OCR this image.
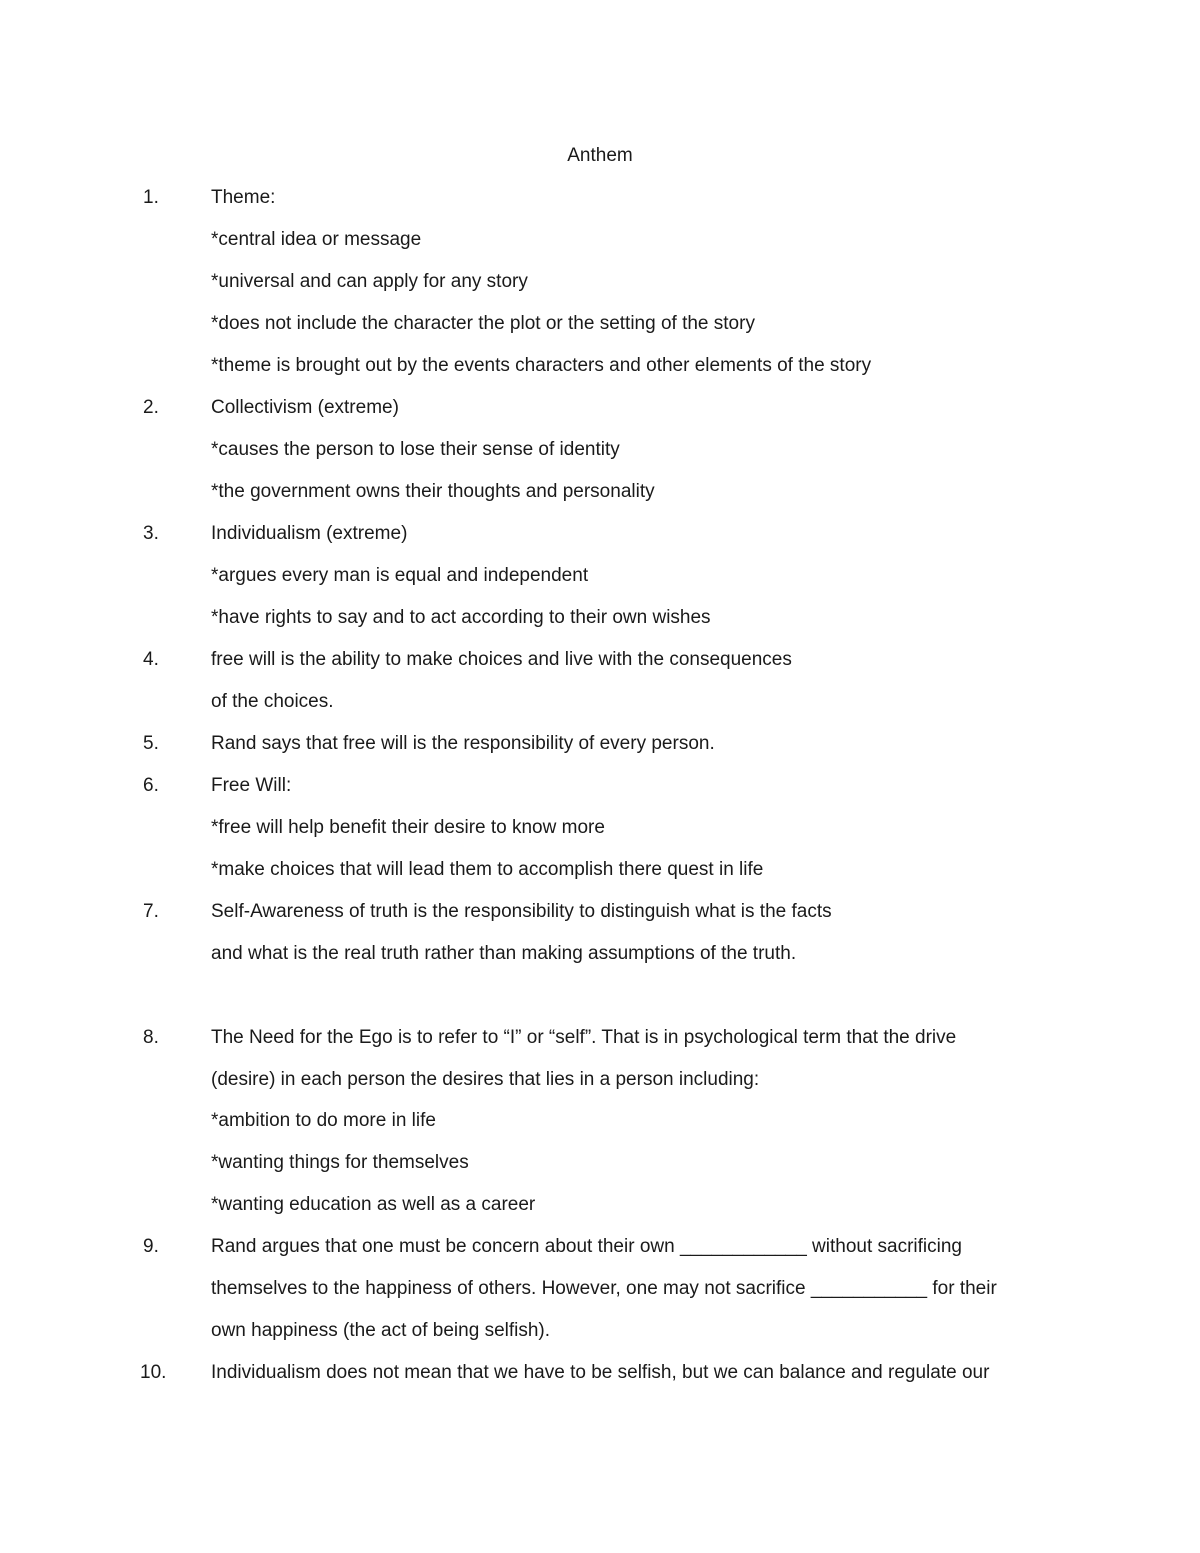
Anthem
1.	Theme:
*central idea or message
*universal and can apply for any story
*does not include the character the plot or the setting of the story
*theme is brought out by the events characters and other elements of the story
2.	Collectivism (extreme)
*causes the person to lose their sense of identity
*the government owns their thoughts and personality
3.	Individualism (extreme)
*argues every man is equal and independent
*have rights to say and to act according to their own wishes
4.	free will is the ability to make choices and live with the consequences
of the choices.
5.	Rand says that free will is the responsibility of every person.
6.	Free Will:
*free will help benefit their desire to know more
*make choices that will lead them to accomplish there quest in life
7.	Self-Awareness of truth is the responsibility to distinguish what is the facts
and what is the real truth rather than making assumptions of the truth.
8.	The Need for the Ego is to refer to “I” or “self”. That is in psychological term that the drive
(desire) in each person the desires that lies in a person including:
*ambition to do more in life
*wanting things for themselves
*wanting education as well as a career
9.	Rand argues that one must be concern about their own ____________ without sacrificing
themselves to the happiness of others. However, one may not sacrifice ___________ for their
own happiness (the act of being selfish).
10. Individualism does not mean that we have to be selfish, but we can balance and regulate our
